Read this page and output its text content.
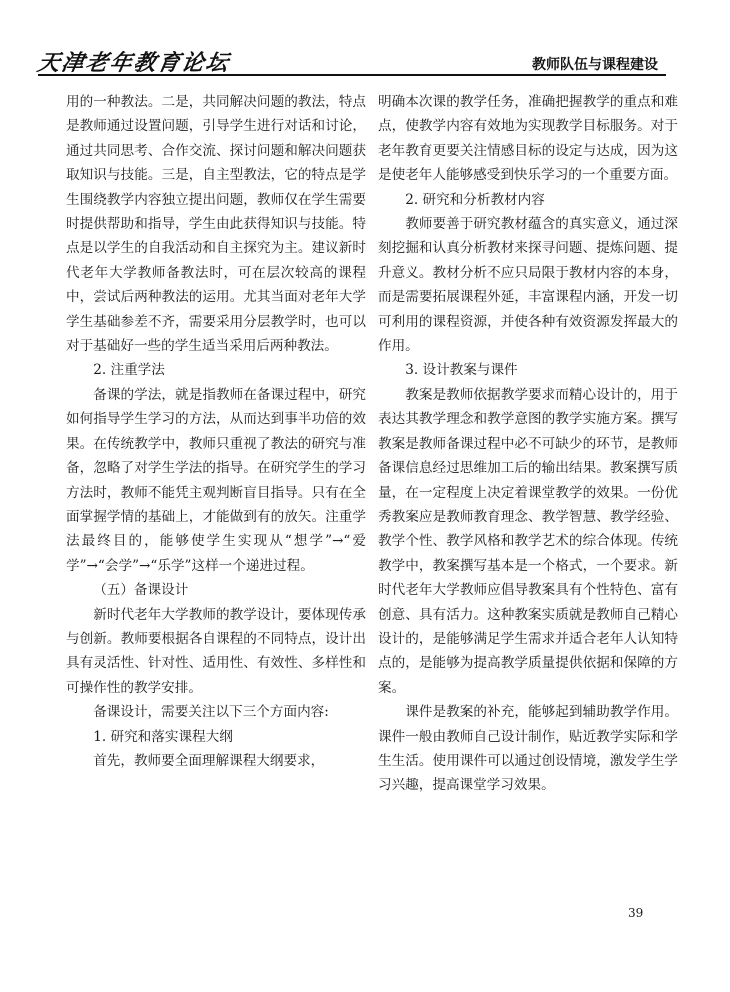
天津老年教育论坛	教师队伍与课程建设

用的一种教法。二是，共同解决问题的教法，特点是教师通过设置问题，引导学生进行对话和讨论，通过共同思考、合作交流、探讨问题和解决问题获取知识与技能。三是，自主型教法，它的特点是学生围绕教学内容独立提出问题，教师仅在学生需要时提供帮助和指导，学生由此获得知识与技能。特点是以学生的自我活动和自主探究为主。建议新时代老年大学教师备教法时，可在层次较高的课程中，尝试后两种教法的运用。尤其当面对老年大学学生基础参差不齐，需要采用分层教学时，也可以对于基础好一些的学生适当采用后两种教法。

2. 注重学法

备课的学法，就是指教师在备课过程中，研究如何指导学生学习的方法，从而达到事半功倍的效果。在传统教学中，教师只重视了教法的研究与准备，忽略了对学生学法的指导。在研究学生的学习方法时，教师不能凭主观判断盲目指导。只有在全面掌握学情的基础上，才能做到有的放矢。注重学法最终目的，能够使学生实现从“想学”→“爱学”→“会学”→“乐学”这样一个递进过程。

（五）备课设计

新时代老年大学教师的教学设计，要体现传承与创新。教师要根据各自课程的不同特点，设计出具有灵活性、针对性、适用性、有效性、多样性和可操作性的教学安排。

备课设计，需要关注以下三个方面内容:

1. 研究和落实课程大纲

首先，教师要全面理解课程大纲要求，

明确本次课的教学任务，准确把握教学的重点和难点，使教学内容有效地为实现教学目标服务。对于老年教育更要关注情感目标的设定与达成，因为这是使老年人能够感受到快乐学习的一个重要方面。

2. 研究和分析教材内容

教师要善于研究教材蕴含的真实意义，通过深刻挖掘和认真分析教材来探寻问题、提炼问题、提升意义。教材分析不应只局限于教材内容的本身，而是需要拓展课程外延，丰富课程内涵，开发一切可利用的课程资源，并使各种有效资源发挥最大的作用。

3. 设计教案与课件

教案是教师依据教学要求而精心设计的，用于表达其教学理念和教学意图的教学实施方案。撰写教案是教师备课过程中必不可缺少的环节，是教师备课信息经过思维加工后的输出结果。教案撰写质量，在一定程度上决定着课堂教学的效果。一份优秀教案应是教师教育理念、教学智慧、教学经验、教学个性、教学风格和教学艺术的综合体现。传统教学中，教案撰写基本是一个格式，一个要求。新时代老年大学教师应倡导教案具有个性特色、富有创意、具有活力。这种教案实质就是教师自己精心设计的，是能够满足学生需求并适合老年人认知特点的，是能够为提高教学质量提供依据和保障的方案。

课件是教案的补充，能够起到辅助教学作用。课件一般由教师自己设计制作，贴近教学实际和学生生活。使用课件可以通过创设情境，激发学生学习兴趣，提高课堂学习效果。

39
